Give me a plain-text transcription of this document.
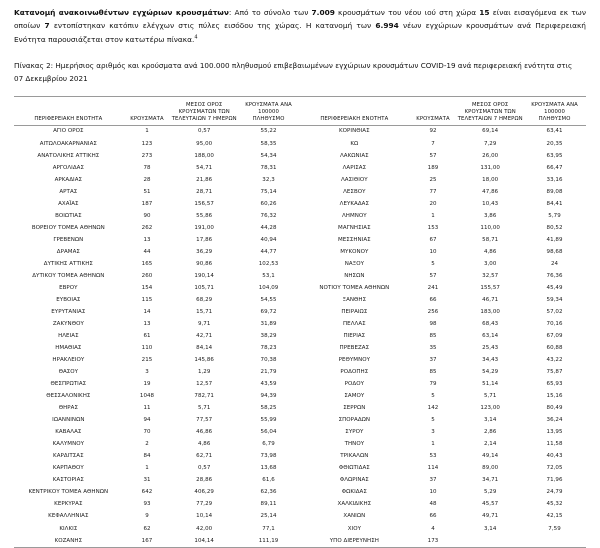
Κατανομή ανακοινωθέντων εγχώριων κρουσμάτων: Από το σύνολο των 7.009 κρουσμάτων του νέου ιού στη χώρα 15 είναι εισαγόμενα εκ των οποίων 7 εντοπίστηκαν κατόπιν ελέγχων στις πύλες εισόδου της χώρας. Η κατανομή των 6.994 νέων εγχώριων κρουσμάτων ανά Περιφερειακή Ενότητα παρουσιάζεται στον κατωτέρω πίνακα.$^4$

Πίνακας 2: Ημερήσιος αριθμός και κρούσματα ανά 100.000 πληθυσμού επιβεβαιωμένων εγχώριων κρουσμάτων COVID-19 ανά περιφερειακή ενότητα στις 07 Δεκεμβρίου 2021

ΠΕΡΙΦΕΡΕΙΑΚΗ ΕΝΟΤΗΤΑ	ΚΡΟΥΣΜΑΤΑ	ΜΕΣΟΣ ΟΡΟΣ
ΚΡΟΥΣΜΑΤΩΝ ΤΩΝ
ΤΕΛΕΥΤΑΙΩΝ 7 ΗΜΕΡΩΝ	ΚΡΟΥΣΜΑΤΑ ΑΝΑ 100000
ΠΛΗΘΥΣΜΟ
ΑΓΙΟ ΟΡΟΣ	1	0,57	55,22
ΑΙΤΩΛΟΑΚΑΡΝΑΝΙΑΣ	123	95,00	58,35
ΑΝΑΤΟΛΙΚΗΣ ΑΤΤΙΚΗΣ	273	188,00	54,34
ΑΡΓΟΛΙΔΑΣ	78	54,71	78,31
ΑΡΚΑΔΙΑΣ	28	21,86	32,3
ΑΡΤΑΣ	51	28,71	75,14
ΑΧΑΪΑΣ	187	156,57	60,26
ΒΟΙΩΤΙΑΣ	90	55,86	76,32
ΒΟΡΕΙΟΥ ΤΟΜΕΑ ΑΘΗΝΩΝ	262	191,00	44,28
ΓΡΕΒΕΝΩΝ	13	17,86	40,94
ΔΡΑΜΑΣ	44	36,29	44,77
ΔΥΤΙΚΗΣ ΑΤΤΙΚΗΣ	165	90,86	102,53
ΔΥΤΙΚΟΥ ΤΟΜΕΑ ΑΘΗΝΩΝ	260	190,14	53,1
ΕΒΡΟΥ	154	105,71	104,09
ΕΥΒΟΙΑΣ	115	68,29	54,55
ΕΥΡΥΤΑΝΙΑΣ	14	15,71	69,72
ΖΑΚΥΝΘΟΥ	13	9,71	31,89
ΗΛΕΙΑΣ	61	42,71	38,29
ΗΜΑΘΙΑΣ	110	84,14	78,23
ΗΡΑΚΛΕΙΟΥ	215	145,86	70,38
ΘΑΣΟΥ	3	1,29	21,79
ΘΕΣΠΡΩΤΙΑΣ	19	12,57	43,59
ΘΕΣΣΑΛΟΝΙΚΗΣ	1048	782,71	94,39
ΘΗΡΑΣ	11	5,71	58,25
ΙΩΑΝΝΙΝΩΝ	94	77,57	55,99
ΚΑΒΑΛΑΣ	70	46,86	56,04
ΚΑΛΥΜΝΟΥ	2	4,86	6,79
ΚΑΡΔΙΤΣΑΣ	84	62,71	73,98
ΚΑΡΠΑΘΟΥ	1	0,57	13,68
ΚΑΣΤΟΡΙΑΣ	31	28,86	61,6
ΚΕΝΤΡΙΚΟΥ ΤΟΜΕΑ ΑΘΗΝΩΝ	642	406,29	62,36
ΚΕΡΚΥΡΑΣ	93	77,29	89,11
ΚΕΦΑΛΛΗΝΙΑΣ	9	10,14	25,14
ΚΙΛΚΙΣ	62	42,00	77,1
ΚΟΖΑΝΗΣ	167	104,14	111,19

ΠΕΡΙΦΕΡΕΙΑΚΗ ΕΝΟΤΗΤΑ	ΚΡΟΥΣΜΑΤΑ	ΜΕΣΟΣ ΟΡΟΣ
ΚΡΟΥΣΜΑΤΩΝ ΤΩΝ
ΤΕΛΕΥΤΑΙΩΝ 7 ΗΜΕΡΩΝ	ΚΡΟΥΣΜΑΤΑ ΑΝΑ 100000
ΠΛΗΘΥΣΜΟ
ΚΟΡΙΝΘΙΑΣ	92	69,14	63,41
ΚΩ	7	7,29	20,35
ΛΑΚΩΝΙΑΣ	57	26,00	63,95
ΛΑΡΙΣΑΣ	189	131,00	66,47
ΛΑΣΙΘΙΟΥ	25	18,00	33,16
ΛΕΣΒΟΥ	77	47,86	89,08
ΛΕΥΚΑΔΑΣ	20	10,43	84,41
ΛΗΜΝΟΥ	1	3,86	5,79
ΜΑΓΝΗΣΙΑΣ	153	110,00	80,52
ΜΕΣΣΗΝΙΑΣ	67	58,71	41,89
ΜΥΚΟΝΟΥ	10	4,86	98,68
ΝΑΞΟΥ	5	3,00	24
ΝΗΣΩΝ	57	32,57	76,36
ΝΟΤΙΟΥ ΤΟΜΕΑ ΑΘΗΝΩΝ	241	155,57	45,49
ΞΑΝΘΗΣ	66	46,71	59,34
ΠΕΙΡΑΙΩΣ	256	183,00	57,02
ΠΕΛΛΑΣ	98	68,43	70,16
ΠΙΕΡΙΑΣ	85	63,14	67,09
ΠΡΕΒΕΖΑΣ	35	25,43	60,88
ΡΕΘΥΜΝΟΥ	37	34,43	43,22
ΡΟΔΟΠΗΣ	85	54,29	75,87
ΡΟΔΟΥ	79	51,14	65,93
ΣΑΜΟΥ	5	5,71	15,16
ΣΕΡΡΩΝ	142	123,00	80,49
ΣΠΟΡΑΔΩΝ	5	3,14	36,24
ΣΥΡΟΥ	3	2,86	13,95
ΤΗΝΟΥ	1	2,14	11,58
ΤΡΙΚΑΛΩΝ	53	49,14	40,43
ΦΘΙΩΤΙΔΑΣ	114	89,00	72,05
ΦΛΩΡΙΝΑΣ	37	34,71	71,96
ΦΩΚΙΔΑΣ	10	5,29	24,79
ΧΑΛΚΙΔΙΚΗΣ	48	45,57	45,32
ΧΑΝΙΩΝ	66	49,71	42,15
ΧΙΟΥ	4	3,14	7,59
ΥΠΟ ΔΙΕΡΕΥΝΗΣΗ	173		
